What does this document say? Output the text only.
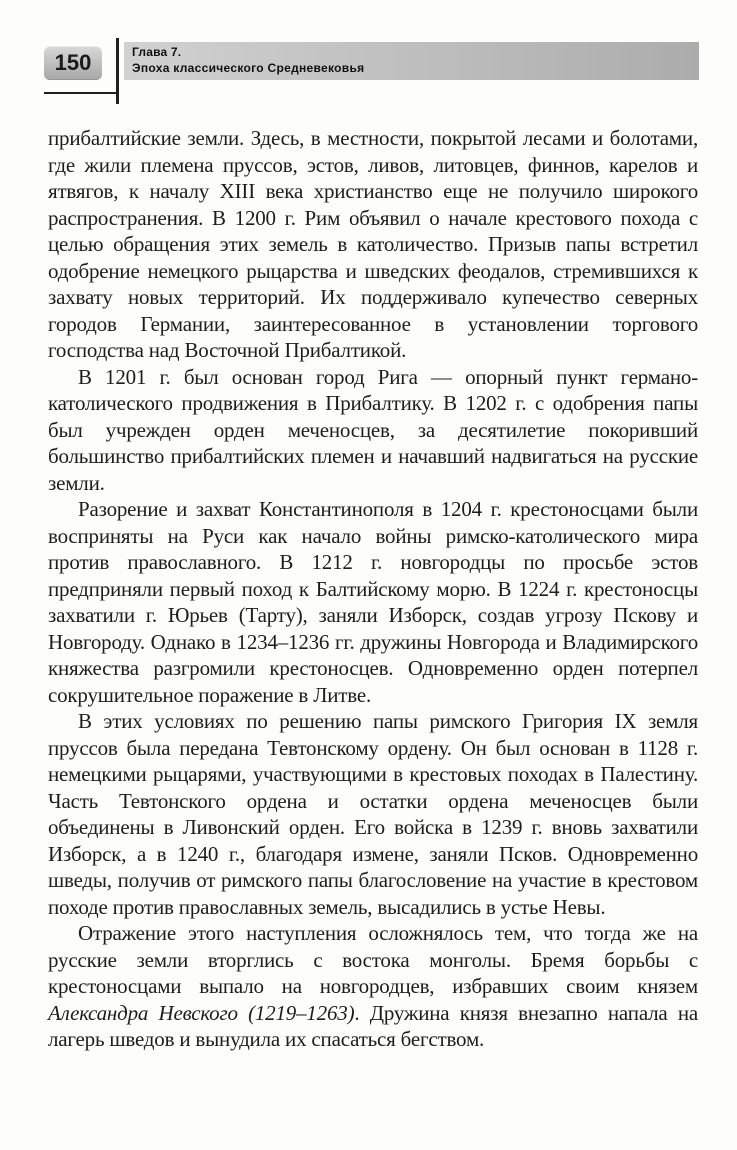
150	Глава 7.
Эпоха классического Средневековья

прибалтийские земли. Здесь, в местности, покрытой лесами и болотами, где жили племена пруссов, эстов, ливов, литовцев, финнов, карелов и ятвягов, к началу XIII века христианство еще не получило широкого распространения. В 1200 г. Рим объявил о начале крестового похода с целью обращения этих земель в католичество. Призыв папы встретил одобрение немецкого рыцарства и шведских феодалов, стремившихся к захвату новых территорий. Их поддерживало купечество северных городов Германии, заинтересованное в установлении торгового господства над Восточной Прибалтикой.

В 1201 г. был основан город Рига — опорный пункт германо-католического продвижения в Прибалтику. В 1202 г. с одобрения папы был учрежден орден меченосцев, за десятилетие покоривший большинство прибалтийских племен и начавший надвигаться на русские земли.

Разорение и захват Константинополя в 1204 г. крестоносцами были восприняты на Руси как начало войны римско-католического мира против православного. В 1212 г. новгородцы по просьбе эстов предприняли первый поход к Балтийскому морю. В 1224 г. крестоносцы захватили г. Юрьев (Тарту), заняли Изборск, создав угрозу Пскову и Новгороду. Однако в 1234–1236 гг. дружины Новгорода и Владимирского княжества разгромили крестоносцев. Одновременно орден потерпел сокрушительное поражение в Литве.

В этих условиях по решению папы римского Григория IX земля пруссов была передана Тевтонскому ордену. Он был основан в 1128 г. немецкими рыцарями, участвующими в крестовых походах в Палестину. Часть Тевтонского ордена и остатки ордена меченосцев были объединены в Ливонский орден. Его войска в 1239 г. вновь захватили Изборск, а в 1240 г., благодаря измене, заняли Псков. Одновременно шведы, получив от римского папы благословение на участие в крестовом походе против православных земель, высадились в устье Невы.

Отражение этого наступления осложнялось тем, что тогда же на русские земли вторглись с востока монголы. Бремя борьбы с крестоносцами выпало на новгородцев, избравших своим князем Александра Невского (1219–1263). Дружина князя внезапно напала на лагерь шведов и вынудила их спасаться бегством.
